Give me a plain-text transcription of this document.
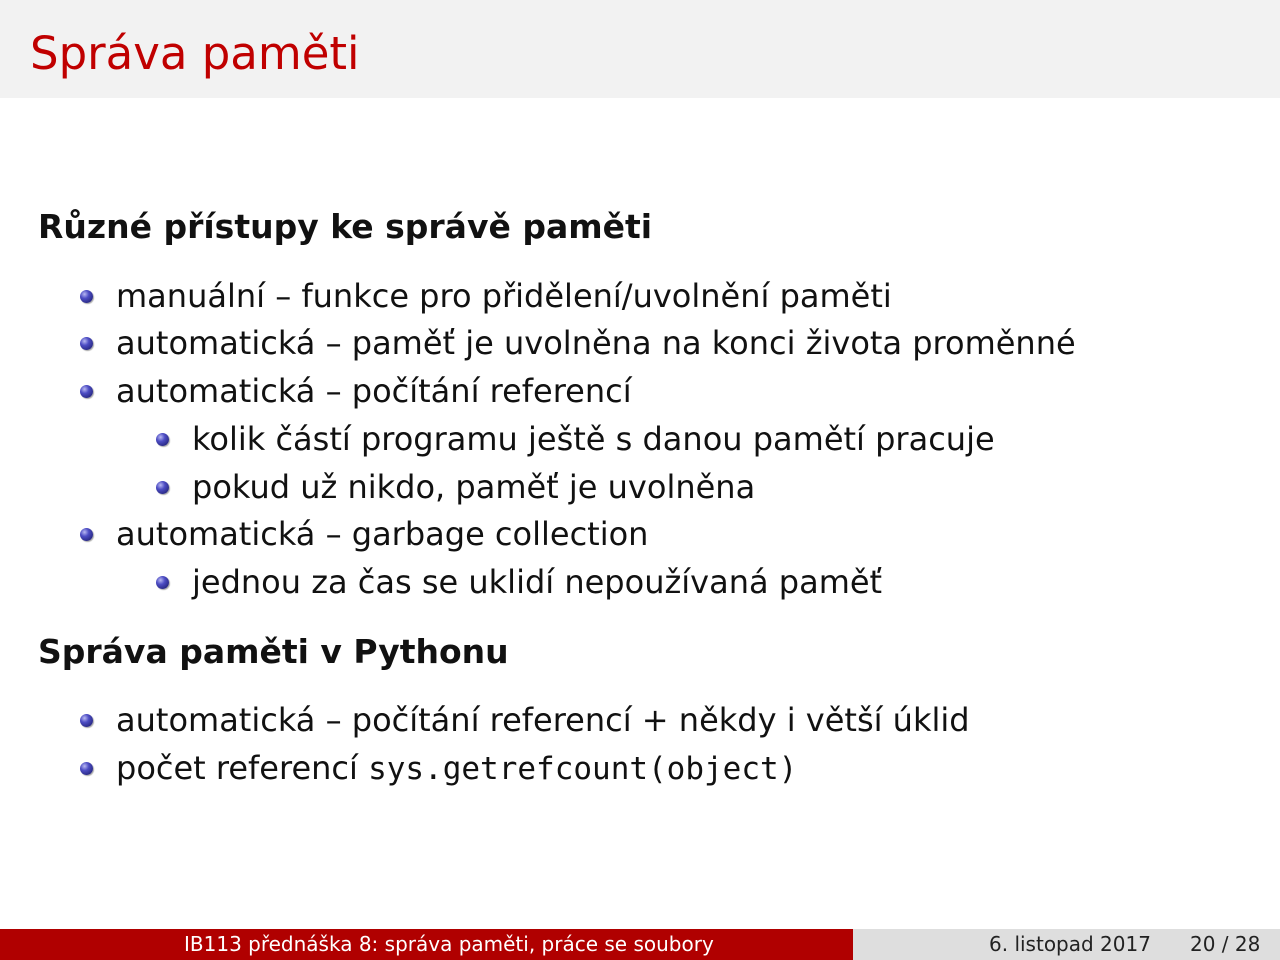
Správa paměti
Různé přístupy ke správě paměti
manuální – funkce pro přidělení/uvolnění paměti
automatická – paměť je uvolněna na konci života proměnné
automatická – počítání referencí
kolik částí programu ještě s danou pamětí pracuje
pokud už nikdo, paměť je uvolněna
automatická – garbage collection
jednou za čas se uklidí nepoužívaná paměť
Správa paměti v Pythonu
automatická – počítání referencí + někdy i větší úklid
počet referencí sys.getrefcount(object)
IB113 přednáška 8: správa paměti, práce se soubory	6. listopad 2017 20 / 28
